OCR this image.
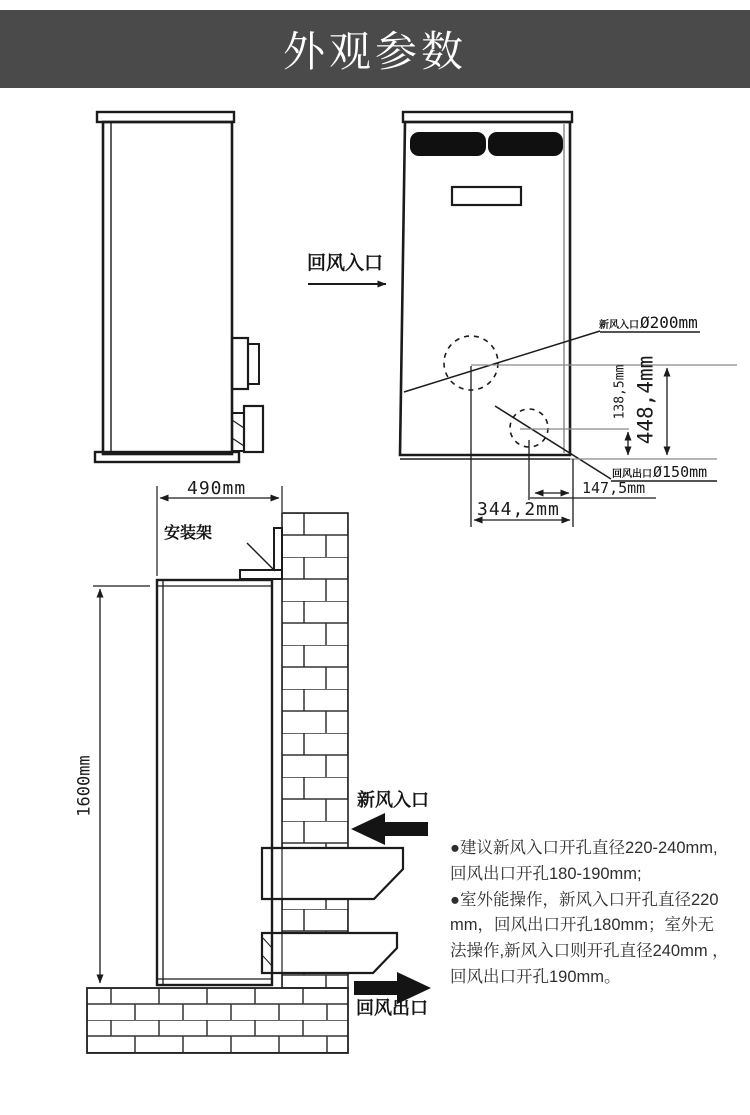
外观参数
回风入口
新风入口 Ø200mm
回风出口 Ø150mm
138,5mm 448,4mm
147,5mm
344,2mm
490mm
安装架
1600mm	新风入口
回风出口
●建议新风入口开孔直径220-240mm,
回风出口开孔180-190mm;
●室外能操作，新风入口开孔直径220
mm，回风出口开孔180mm；室外无
法操作,新风入口则开孔直径240mm ，
回风出口开孔190mm。
